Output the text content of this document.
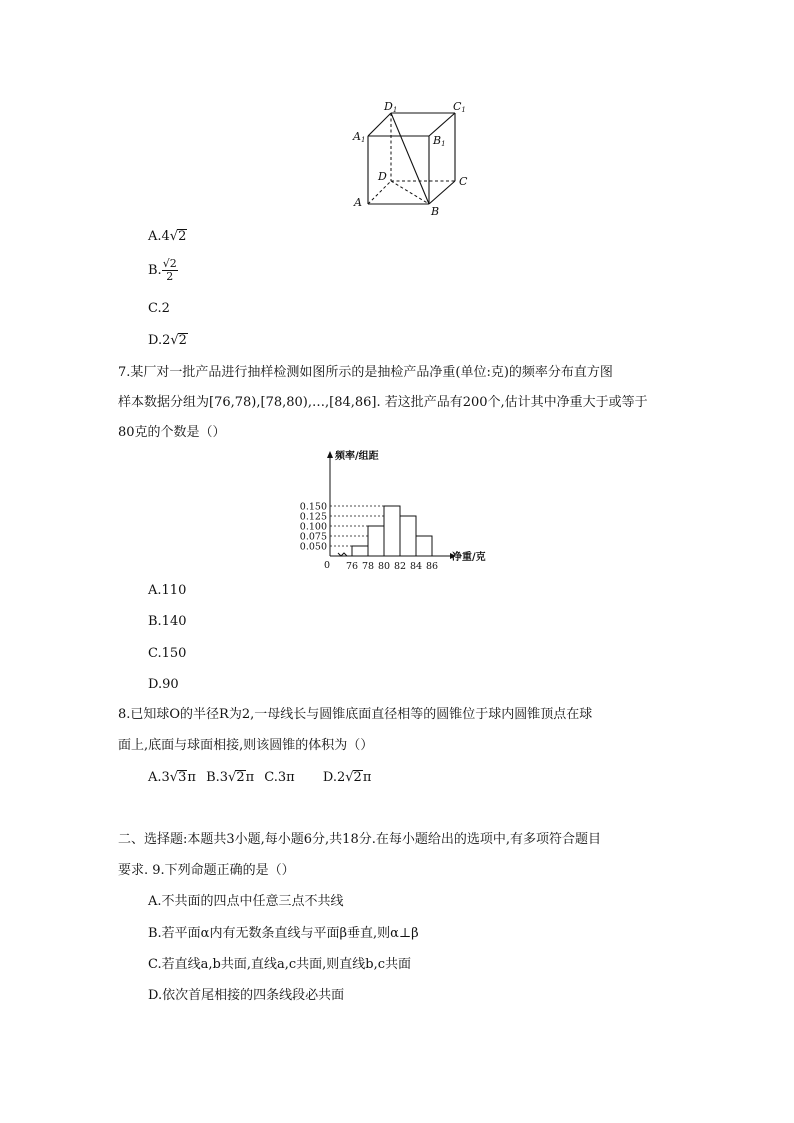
D1	C1
A1	B1
D	C
A
B
A.4√2
B. $\frac{√2}{2}$
C.2
D.2√2
7.某厂对一批产品进行抽样检测如图所示的是抽检产品净重(单位:克)的频率分布直方图
样本数据分组为[76,78),[78,80),…,[84,86]. 若这批产品有200个,估计其中净重大于或等于
80克的个数是（）
0.050
0.075
0.100
0.125
0.150
76 78 80 82 84 86
0
频率/组距
净重/克
A.110
B.140
C.150
D.90
8.已知球O的半径R为2,一母线长与圆锥底面直径相等的圆锥位于球内圆锥顶点在球
面上,底面与球面相接,则该圆锥的体积为（）
A.3√3π B.3√2π C.3π D.2√2π
二、选择题:本题共3小题,每小题6分,共18分.在每小题给出的选项中,有多项符合题目
要求. 9.下列命题正确的是（）
A.不共面的四点中任意三点不共线
B.若平面α内有无数条直线与平面β垂直,则α⊥β
C.若直线a,b共面,直线a,c共面,则直线b,c共面
D.依次首尾相接的四条线段必共面
